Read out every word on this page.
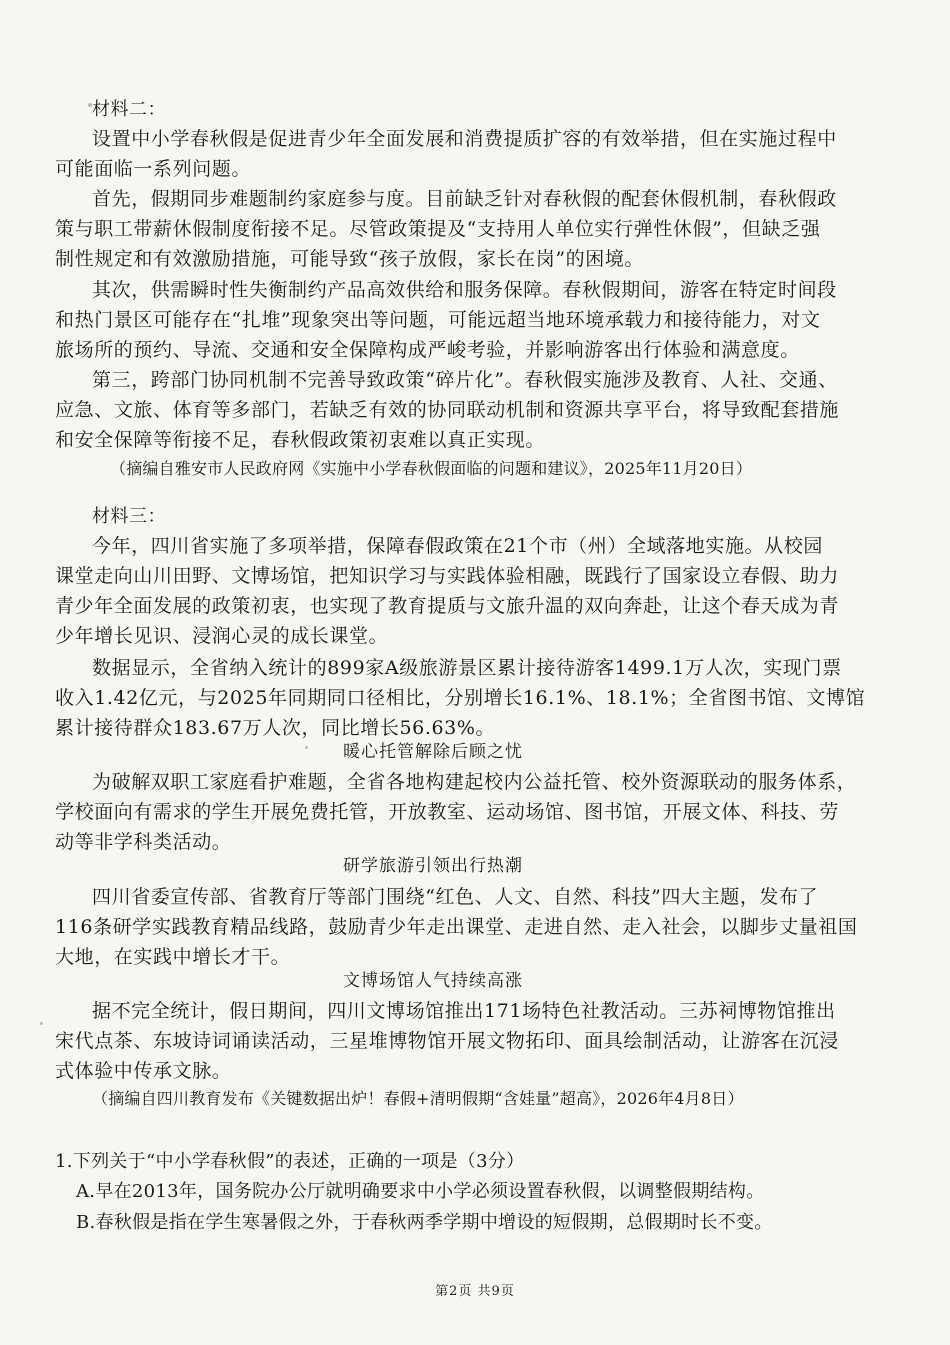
材料二：
设置中小学春秋假是促进青少年全面发展和消费提质扩容的有效举措，但在实施过程中
可能面临一系列问题。
首先，假期同步难题制约家庭参与度。目前缺乏针对春秋假的配套休假机制，春秋假政
策与职工带薪休假制度衔接不足。尽管政策提及“支持用人单位实行弹性休假”，但缺乏强
制性规定和有效激励措施，可能导致“孩子放假，家长在岗”的困境。
其次，供需瞬时性失衡制约产品高效供给和服务保障。春秋假期间，游客在特定时间段
和热门景区可能存在“扎堆”现象突出等问题，可能远超当地环境承载力和接待能力，对文
旅场所的预约、导流、交通和安全保障构成严峻考验，并影响游客出行体验和满意度。
第三，跨部门协同机制不完善导致政策“碎片化”。春秋假实施涉及教育、人社、交通、
应急、文旅、体育等多部门，若缺乏有效的协同联动机制和资源共享平台，将导致配套措施
和安全保障等衔接不足，春秋假政策初衷难以真正实现。
（摘编自雅安市人民政府网《实施中小学春秋假面临的问题和建议》，2025年11月20日）
材料三：
今年，四川省实施了多项举措，保障春假政策在21个市（州）全域落地实施。从校园
课堂走向山川田野、文博场馆，把知识学习与实践体验相融，既践行了国家设立春假、助力
青少年全面发展的政策初衷，也实现了教育提质与文旅升温的双向奔赴，让这个春天成为青
少年增长见识、浸润心灵的成长课堂。
数据显示，全省纳入统计的899家A级旅游景区累计接待游客1499.1万人次，实现门票
收入1.42亿元，与2025年同期同口径相比，分别增长16.1%、18.1%；全省图书馆、文博馆
累计接待群众183.67万人次，同比增长56.63%。
暖心托管解除后顾之忧
为破解双职工家庭看护难题，全省各地构建起校内公益托管、校外资源联动的服务体系，
学校面向有需求的学生开展免费托管，开放教室、运动场馆、图书馆，开展文体、科技、劳
动等非学科类活动。
研学旅游引领出行热潮
四川省委宣传部、省教育厅等部门围绕“红色、人文、自然、科技”四大主题，发布了
116条研学实践教育精品线路，鼓励青少年走出课堂、走进自然、走入社会，以脚步丈量祖国
大地，在实践中增长才干。
文博场馆人气持续高涨
据不完全统计，假日期间，四川文博场馆推出171场特色社教活动。三苏祠博物馆推出
宋代点茶、东坡诗词诵读活动，三星堆博物馆开展文物拓印、面具绘制活动，让游客在沉浸
式体验中传承文脉。
（摘编自四川教育发布《关键数据出炉！春假+清明假期“含娃量”超高》，2026年4月8日）
1.下列关于“中小学春秋假”的表述，正确的一项是（3分）
A.早在2013年，国务院办公厅就明确要求中小学必须设置春秋假，以调整假期结构。
B.春秋假是指在学生寒暑假之外，于春秋两季学期中增设的短假期，总假期时长不变。
第2页 共9页
